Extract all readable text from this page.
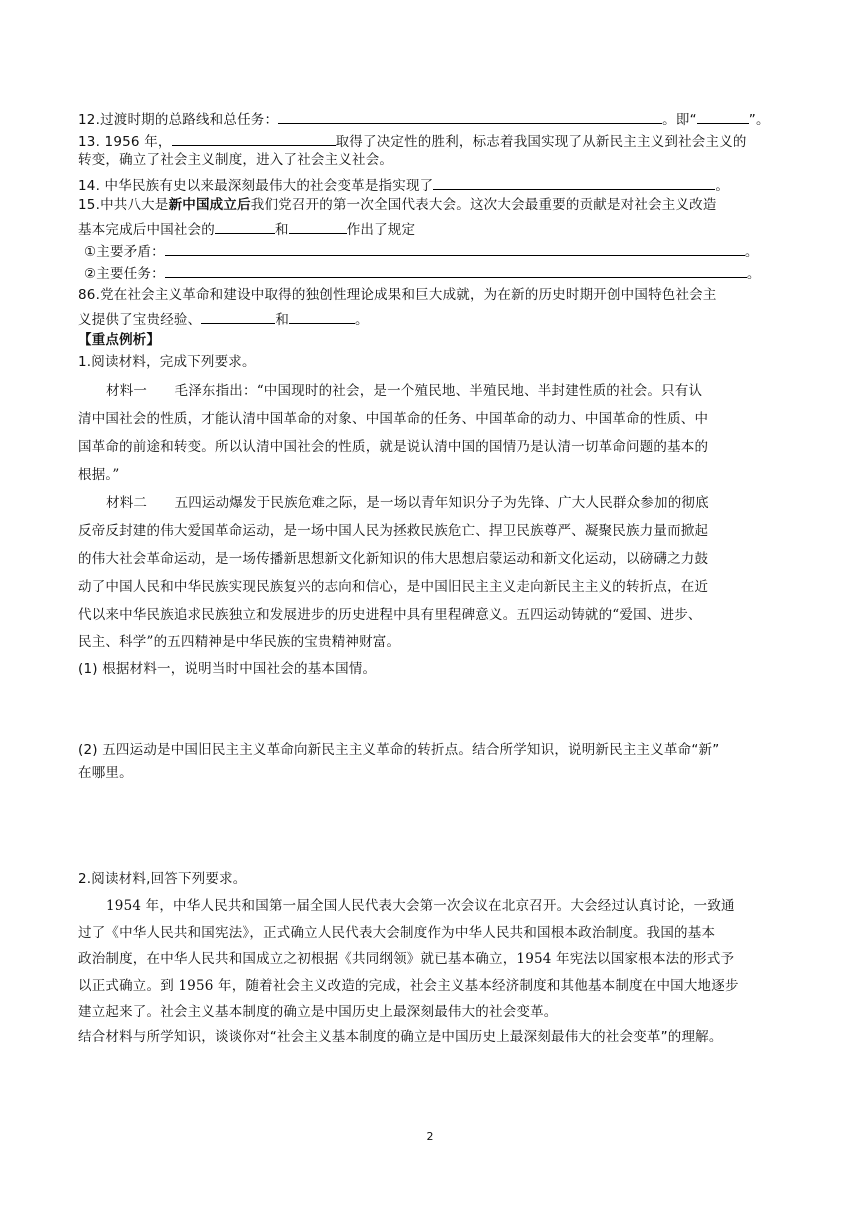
12.过渡时期的总路线和总任务：	。即“	”。
13. 1956 年，	取得了决定性的胜利，标志着我国实现了从新民主主义到社会主义的
转变，确立了社会主义制度，进入了社会主义社会。
14. 中华民族有史以来最深刻最伟大的社会变革是指实现了	。
15.中共八大是新中国成立后我们党召开的第一次全国代表大会。这次大会最重要的贡献是对社会主义改造
基本完成后中国社会的	和	作出了规定
①主要矛盾：	。
②主要任务：	。
86.党在社会主义革命和建设中取得的独创性理论成果和巨大成就，为在新的历史时期开创中国特色社会主
义提供了宝贵经验、	和	。
【重点例析】
1.阅读材料，完成下列要求。
材料一　　毛泽东指出：“中国现时的社会，是一个殖民地、半殖民地、半封建性质的社会。只有认
清中国社会的性质，才能认清中国革命的对象、中国革命的任务、中国革命的动力、中国革命的性质、中
国革命的前途和转变。所以认清中国社会的性质，就是说认清中国的国情乃是认清一切革命问题的基本的
根据。”
材料二　　五四运动爆发于民族危难之际，是一场以青年知识分子为先锋、广大人民群众参加的彻底
反帝反封建的伟大爱国革命运动，是一场中国人民为拯救民族危亡、捍卫民族尊严、凝聚民族力量而掀起
的伟大社会革命运动，是一场传播新思想新文化新知识的伟大思想启蒙运动和新文化运动，以磅礴之力鼓
动了中国人民和中华民族实现民族复兴的志向和信心，是中国旧民主主义走向新民主主义的转折点，在近
代以来中华民族追求民族独立和发展进步的历史进程中具有里程碑意义。五四运动铸就的“爱国、进步、
民主、科学”的五四精神是中华民族的宝贵精神财富。
(1) 根据材料一，说明当时中国社会的基本国情。
(2) 五四运动是中国旧民主主义革命向新民主主义革命的转折点。结合所学知识，说明新民主主义革命“新”
在哪里。
2.阅读材料,回答下列要求。
1954 年，中华人民共和国第一届全国人民代表大会第一次会议在北京召开。大会经过认真讨论，一致通
过了《中华人民共和国宪法》，正式确立人民代表大会制度作为中华人民共和国根本政治制度。我国的基本
政治制度，在中华人民共和国成立之初根据《共同纲领》就已基本确立，1954 年宪法以国家根本法的形式予
以正式确立。到 1956 年，随着社会主义改造的完成，社会主义基本经济制度和其他基本制度在中国大地逐步
建立起来了。社会主义基本制度的确立是中国历史上最深刻最伟大的社会变革。
结合材料与所学知识，谈谈你对“社会主义基本制度的确立是中国历史上最深刻最伟大的社会变革”的理解。
2
